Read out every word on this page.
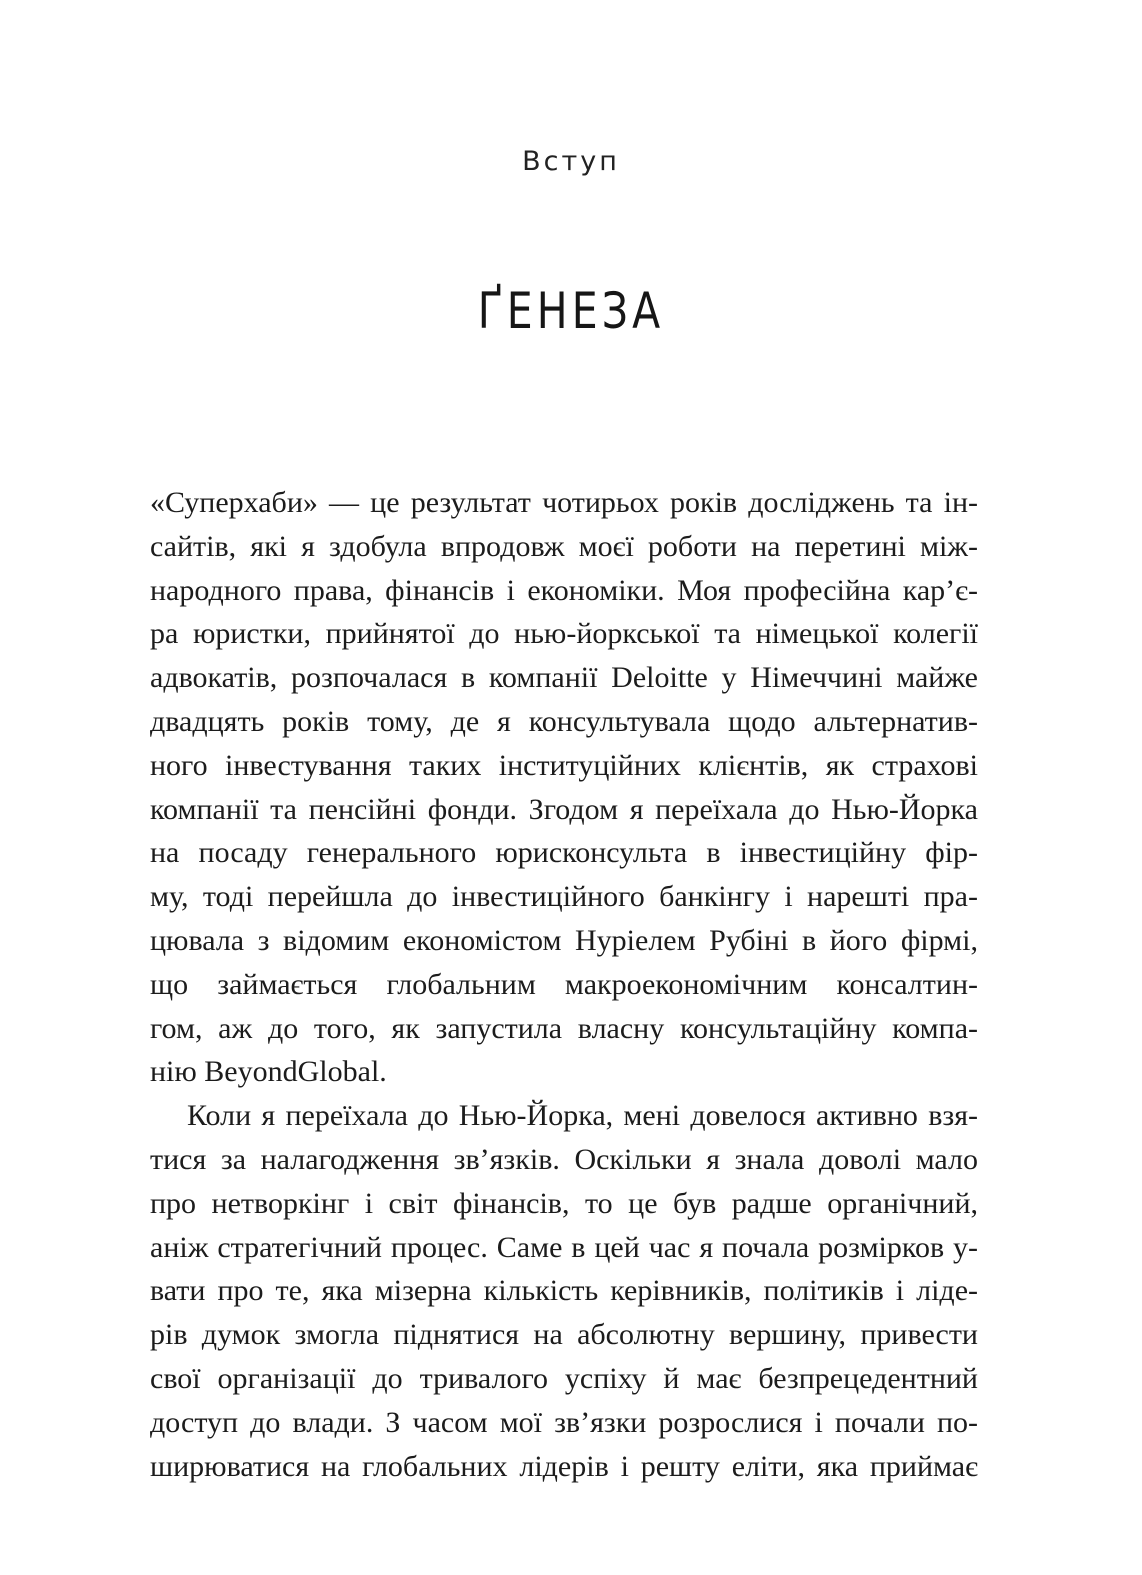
Вступ
ҐЕНЕЗА
«Суперхаби» — це результат чотирьох років досліджень та ін-
сайтів, які я здобула впродовж моєї роботи на перетині між-
народного права, фінансів і економіки. Моя професійна кар’є-
ра юристки, прийнятої до нью-йоркської та німецької колегії
адвокатів, розпочалася в компанії Deloitte у Німеччині майже
двадцять років тому, де я консультувала щодо альтернатив-
ного інвестування таких інституційних клієнтів, як страхові
компанії та пенсійні фонди. Згодом я переїхала до Нью-Йорка
на посаду генерального юрисконсульта в інвестиційну фір-
му, тоді перейшла до інвестиційного банкінгу і нарешті пра-
цювала з відомим економістом Нуріелем Рубіні в його фірмі,
що займається глобальним макроекономічним консалтин-
гом, аж до того, як запустила власну консультаційну компа-
нію BeyondGlobal.
Коли я переїхала до Нью-Йорка, мені довелося активно взя-
тися за налагодження зв’язків. Оскільки я знала доволі мало
про нетворкінг і світ фінансів, то це був радше органічний,
аніж стратегічний процес. Саме в цей час я почала розмірков у-
вати про те, яка мізерна кількість керівників, політиків і ліде-
рів думок змогла піднятися на абсолютну вершину, привести
свої організації до тривалого успіху й має безпрецедентний
доступ до влади. З часом мої зв’язки розрослися і почали по-
ширюватися на глобальних лідерів і решту еліти, яка приймає
